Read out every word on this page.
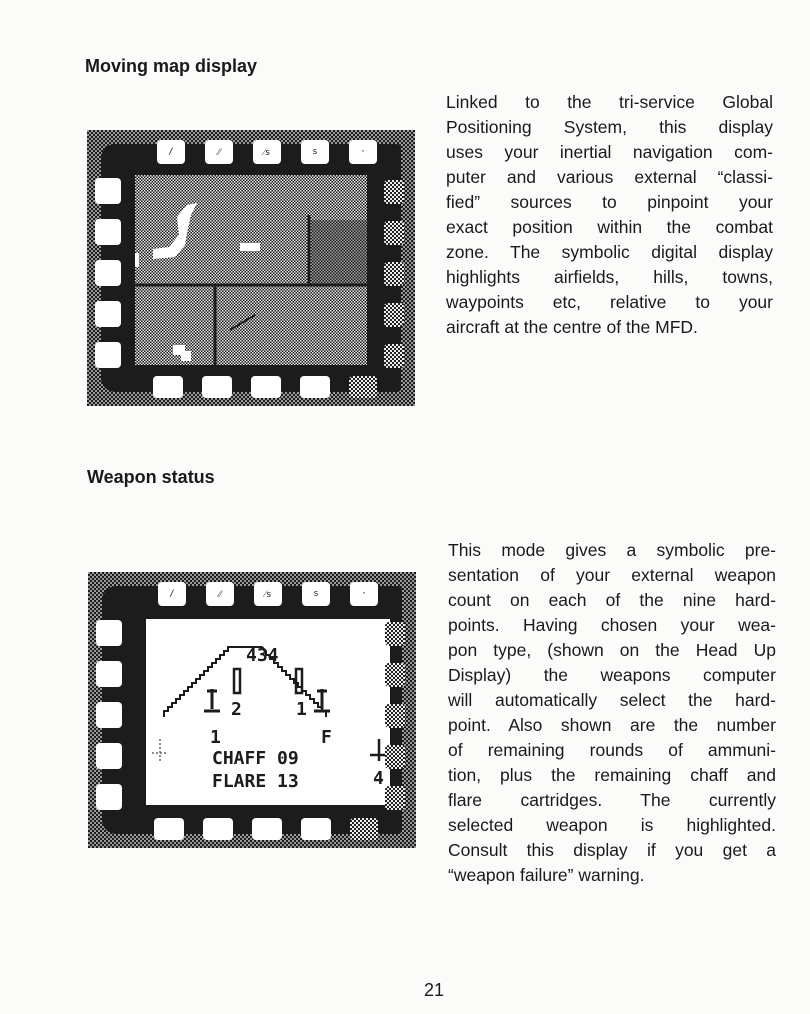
Moving map display
/	⁄⁄	⁄s	s	·
Linked to the tri-service Global
Positioning System, this display
uses your inertial navigation com-
puter and various external “classi-
fied” sources to pinpoint your
exact position within the combat
zone. The symbolic digital display
highlights airfields, hills, towns,
waypoints etc, relative to your
aircraft at the centre of the MFD.
Weapon status
434
1
2	1
F
4
CHAFF 09
FLARE 13
/	⁄⁄	⁄s	s	·
This mode gives a symbolic pre-
sentation of your external weapon
count on each of the nine hard-
points. Having chosen your wea-
pon type, (shown on the Head Up
Display) the weapons computer
will automatically select the hard-
point. Also shown are the number
of remaining rounds of ammuni-
tion, plus the remaining chaff and
flare cartridges. The currently
selected weapon is highlighted.
Consult this display if you get a
“weapon failure” warning.
21
